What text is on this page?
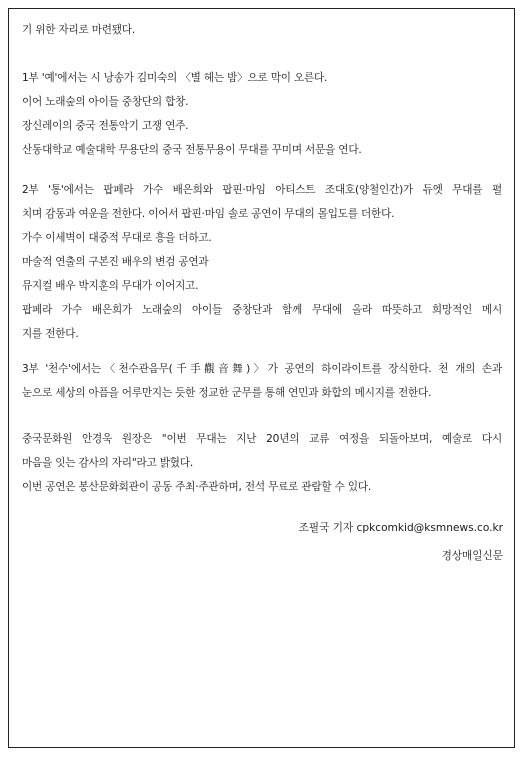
기 위한 자리로 마련됐다.
1부 '예'에서는 시 낭송가 김미숙의 〈별 헤는 밤〉으로 막이 오른다.
이어 노래숲의 아이들 중창단의 합창.
장신레이의 중국 전통악기 고쟁 연주.
산동대학교 예술대학 무용단의 중국 전통무용이 무대를 꾸미며 서문을 연다.
2부 '통'에서는 팝페라 가수 배은희와 팝핀·마임 아티스트 조대호(양철인간)가 듀엣 무대를 펼
치며 감동과 여운을 전한다. 이어서 팝핀·마임 솔로 공연이 무대의 몰입도를 더한다.
가수 이세벽이 대중적 무대로 흥을 더하고.
마술적 연출의 구본진 배우의 변검 공연과
뮤지컬 배우 박지훈의 무대가 이어지고.
팝페라 가수 배은희가 노래숲의 아이들 중창단과 함께 무대에 올라 따뜻하고 희망적인 메시
지를 전한다.
3부 '천수'에서는〈천수관음무(千手觀音舞)〉가 공연의 하이라이트를 장식한다. 천 개의 손과
눈으로 세상의 아픔을 어루만지는 듯한 정교한 군무를 통해 연민과 화합의 메시지를 전한다.
중국문화원 안경욱 원장은 "이번 무대는 지난 20년의 교류 여정을 되돌아보며, 예술로 다시
마음을 잇는 감사의 자리"라고 밝혔다.
이번 공연은 봉산문화회관이 공동 주최·주관하며, 전석 무료로 관람할 수 있다.
조필국 기자 cpkcomkid@ksmnews.co.kr
경상매일신문
